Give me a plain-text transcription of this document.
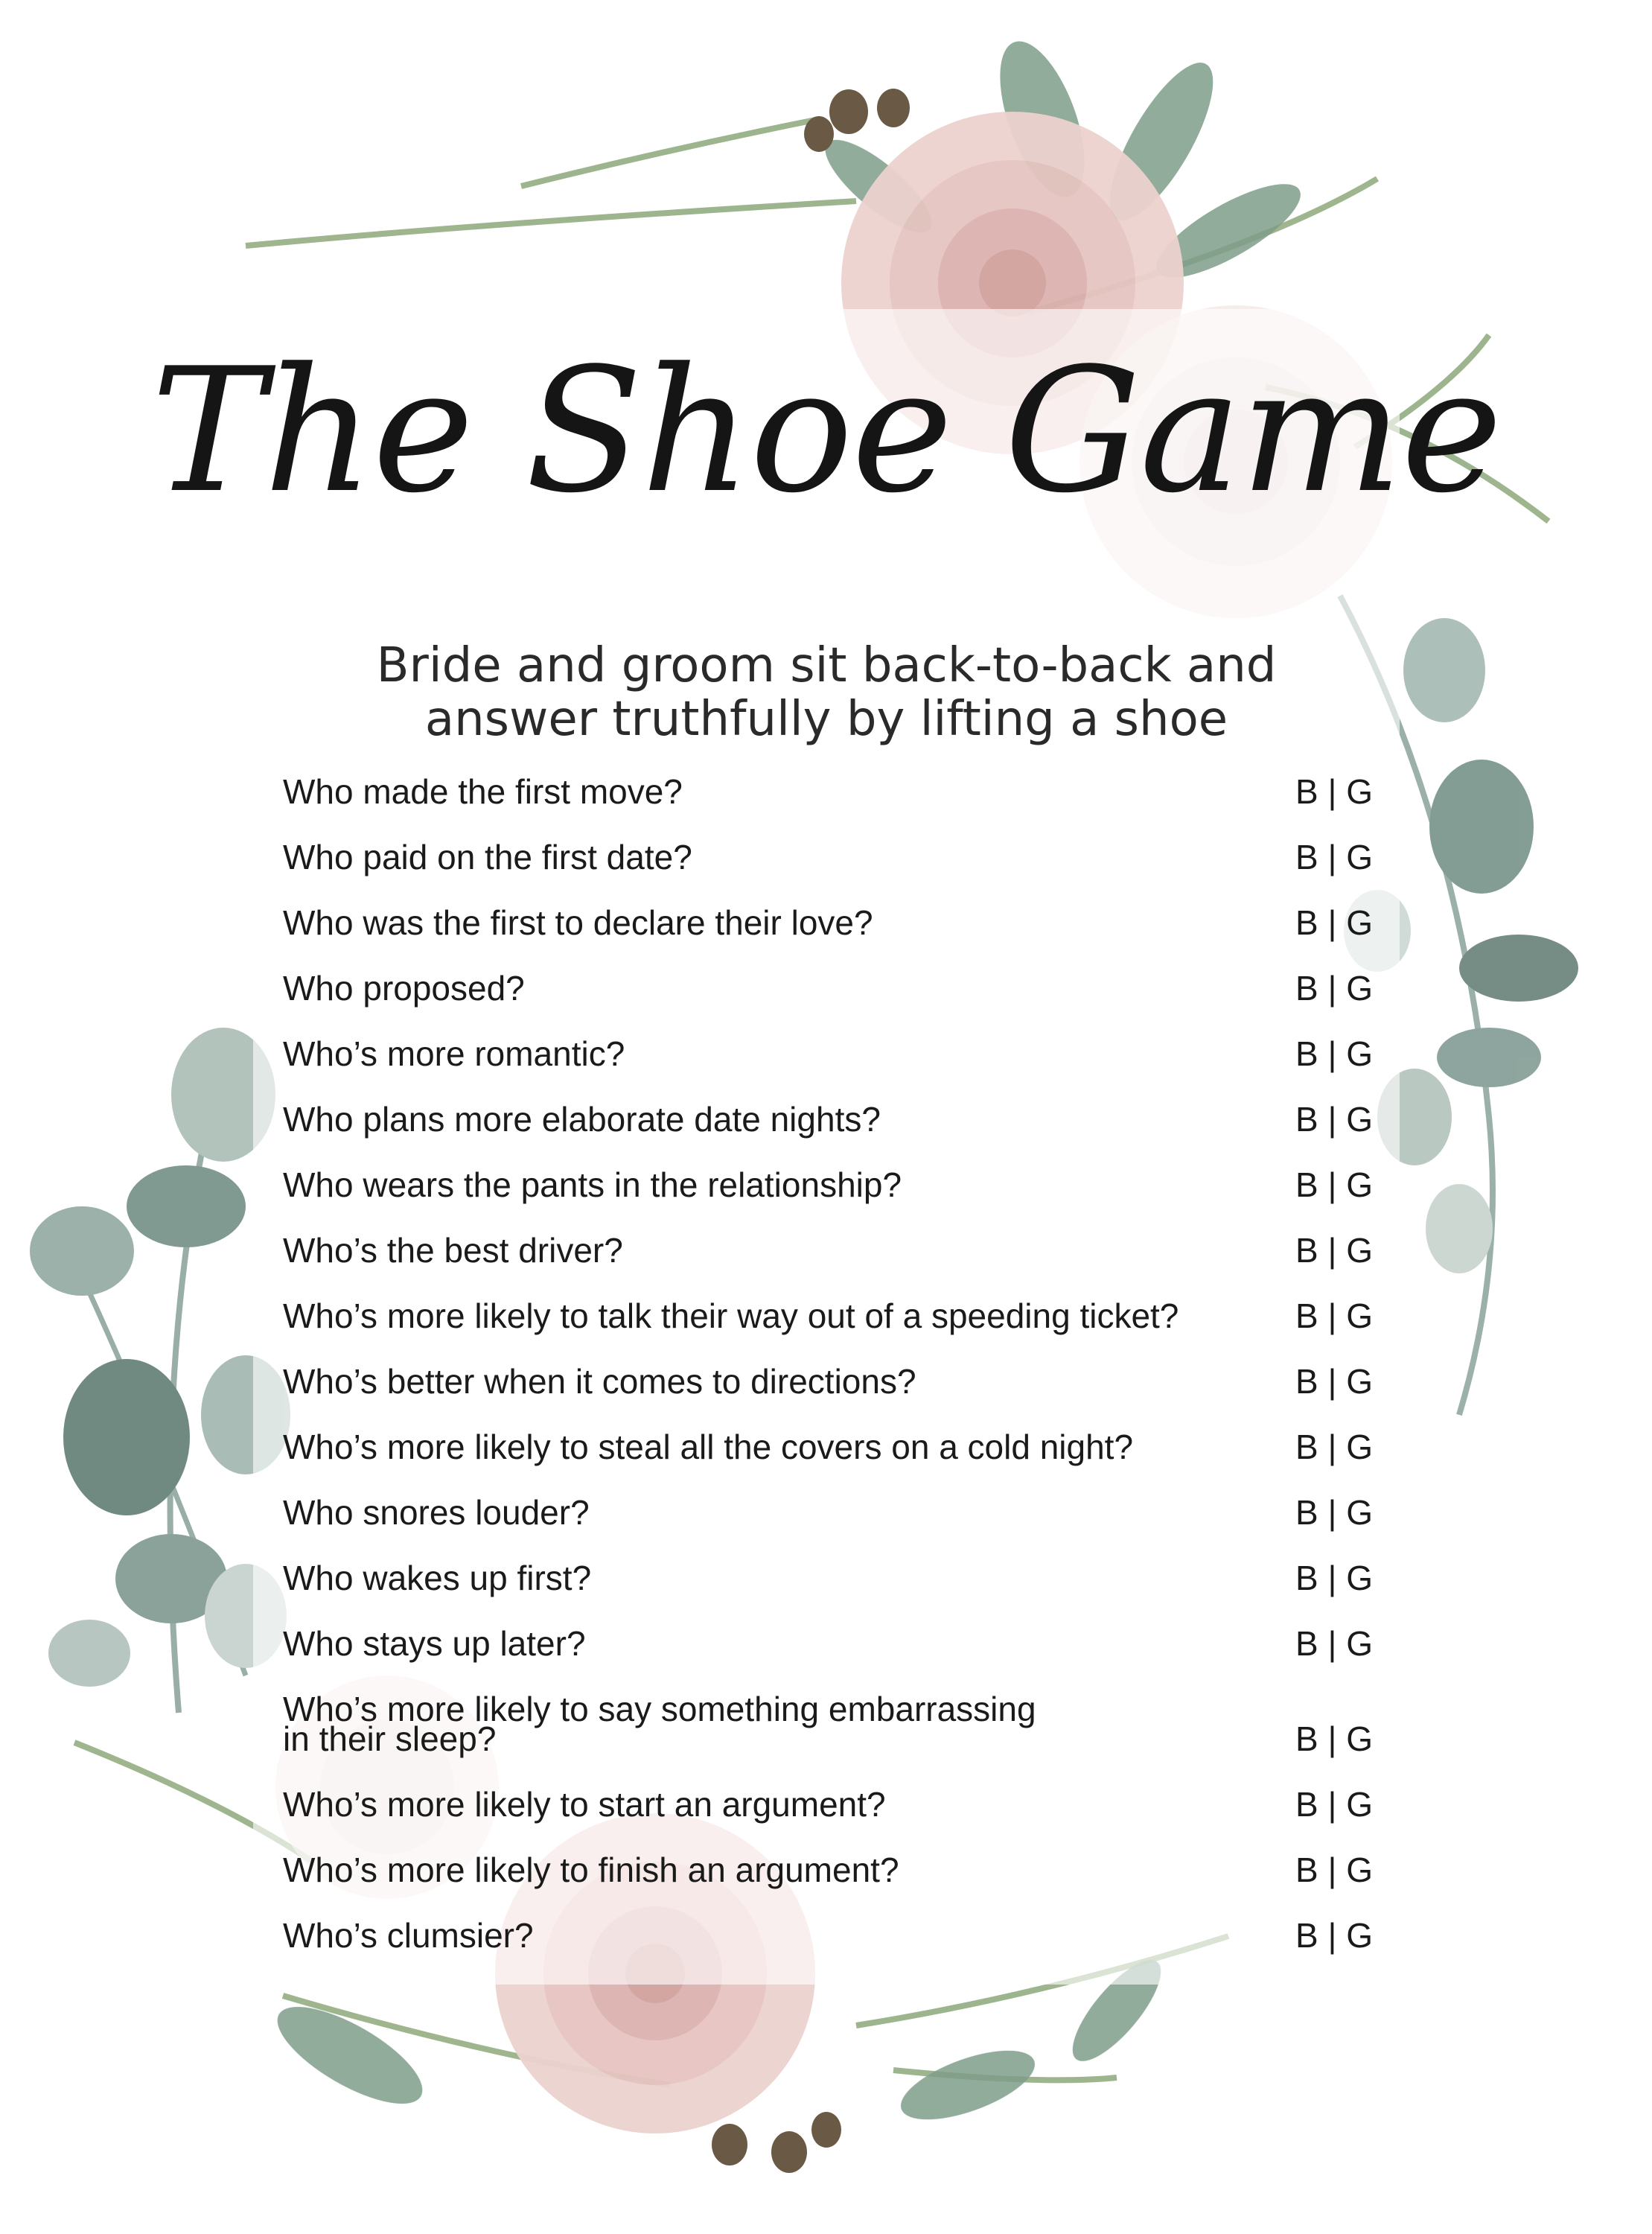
The Shoe Game
Bride and groom sit back-to-back and
answer truthfully by lifting a shoe
Who made the first move?	B | G
Who paid on the first date?	B | G
Who was the first to declare their love?	B | G
Who proposed?	B | G
Who’s more romantic?	B | G
Who plans more elaborate date nights?	B | G
Who wears the pants in the relationship?	B | G
Who’s the best driver?	B | G
Who’s more likely to talk their way out of a speeding ticket?	B | G
Who’s better when it comes to directions?	B | G
Who’s more likely to steal all the covers on a cold night?	B | G
Who snores louder?	B | G
Who wakes up first?	B | G
Who stays up later?	B | G
Who’s more likely to say something embarrassing
in their sleep?	B | G
Who’s more likely to start an argument?	B | G
Who’s more likely to finish an argument?	B | G
Who’s clumsier?	B | G
